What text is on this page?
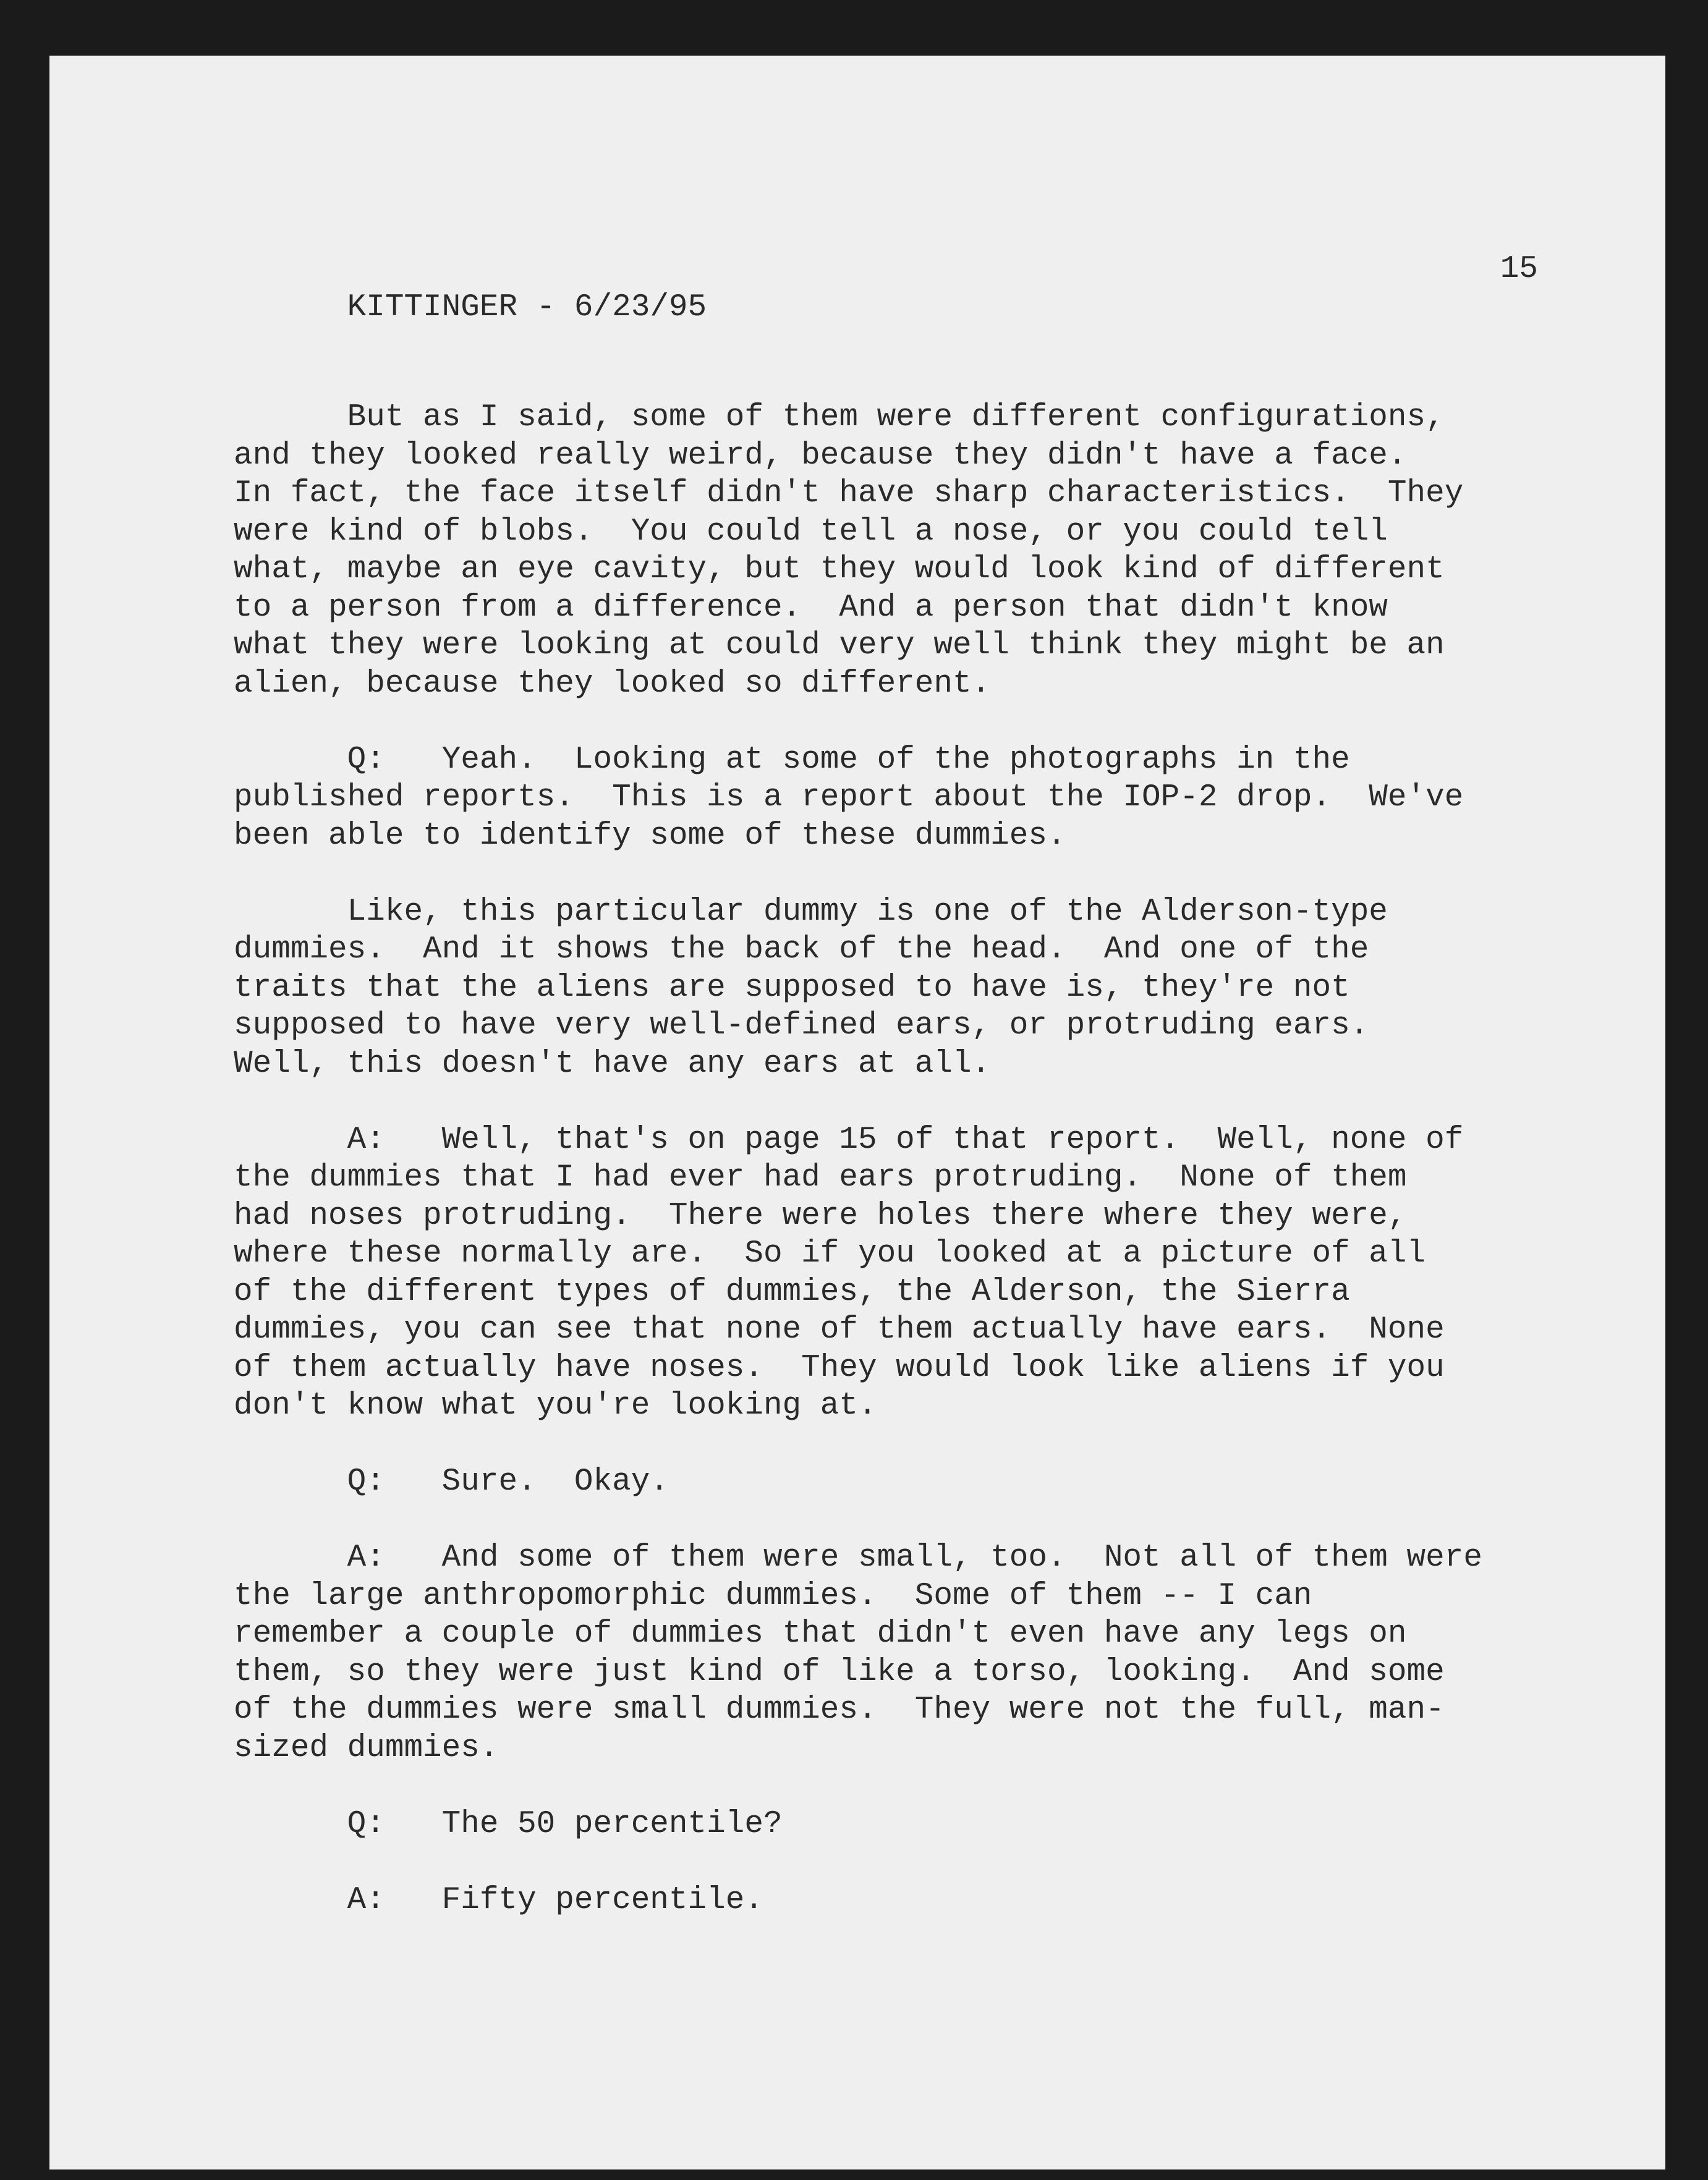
KITTINGER - 6/23/95

15

But as I said, some of them were different configurations,
and they looked really weird, because they didn't have a face.
In fact, the face itself didn't have sharp characteristics.  They
were kind of blobs.  You could tell a nose, or you could tell
what, maybe an eye cavity, but they would look kind of different
to a person from a difference.  And a person that didn't know
what they were looking at could very well think they might be an
alien, because they looked so different.

Q:   Yeah.  Looking at some of the photographs in the
published reports.  This is a report about the IOP-2 drop.  We've
been able to identify some of these dummies.

Like, this particular dummy is one of the Alderson-type
dummies.  And it shows the back of the head.  And one of the
traits that the aliens are supposed to have is, they're not
supposed to have very well-defined ears, or protruding ears.
Well, this doesn't have any ears at all.

A:   Well, that's on page 15 of that report.  Well, none of
the dummies that I had ever had ears protruding.  None of them
had noses protruding.  There were holes there where they were,
where these normally are.  So if you looked at a picture of all
of the different types of dummies, the Alderson, the Sierra
dummies, you can see that none of them actually have ears.  None
of them actually have noses.  They would look like aliens if you
don't know what you're looking at.

Q:   Sure.  Okay.

A:   And some of them were small, too.  Not all of them were
the large anthropomorphic dummies.  Some of them -- I can
remember a couple of dummies that didn't even have any legs on
them, so they were just kind of like a torso, looking.  And some
of the dummies were small dummies.  They were not the full, man-
sized dummies.

Q:   The 50 percentile?

A:   Fifty percentile.
